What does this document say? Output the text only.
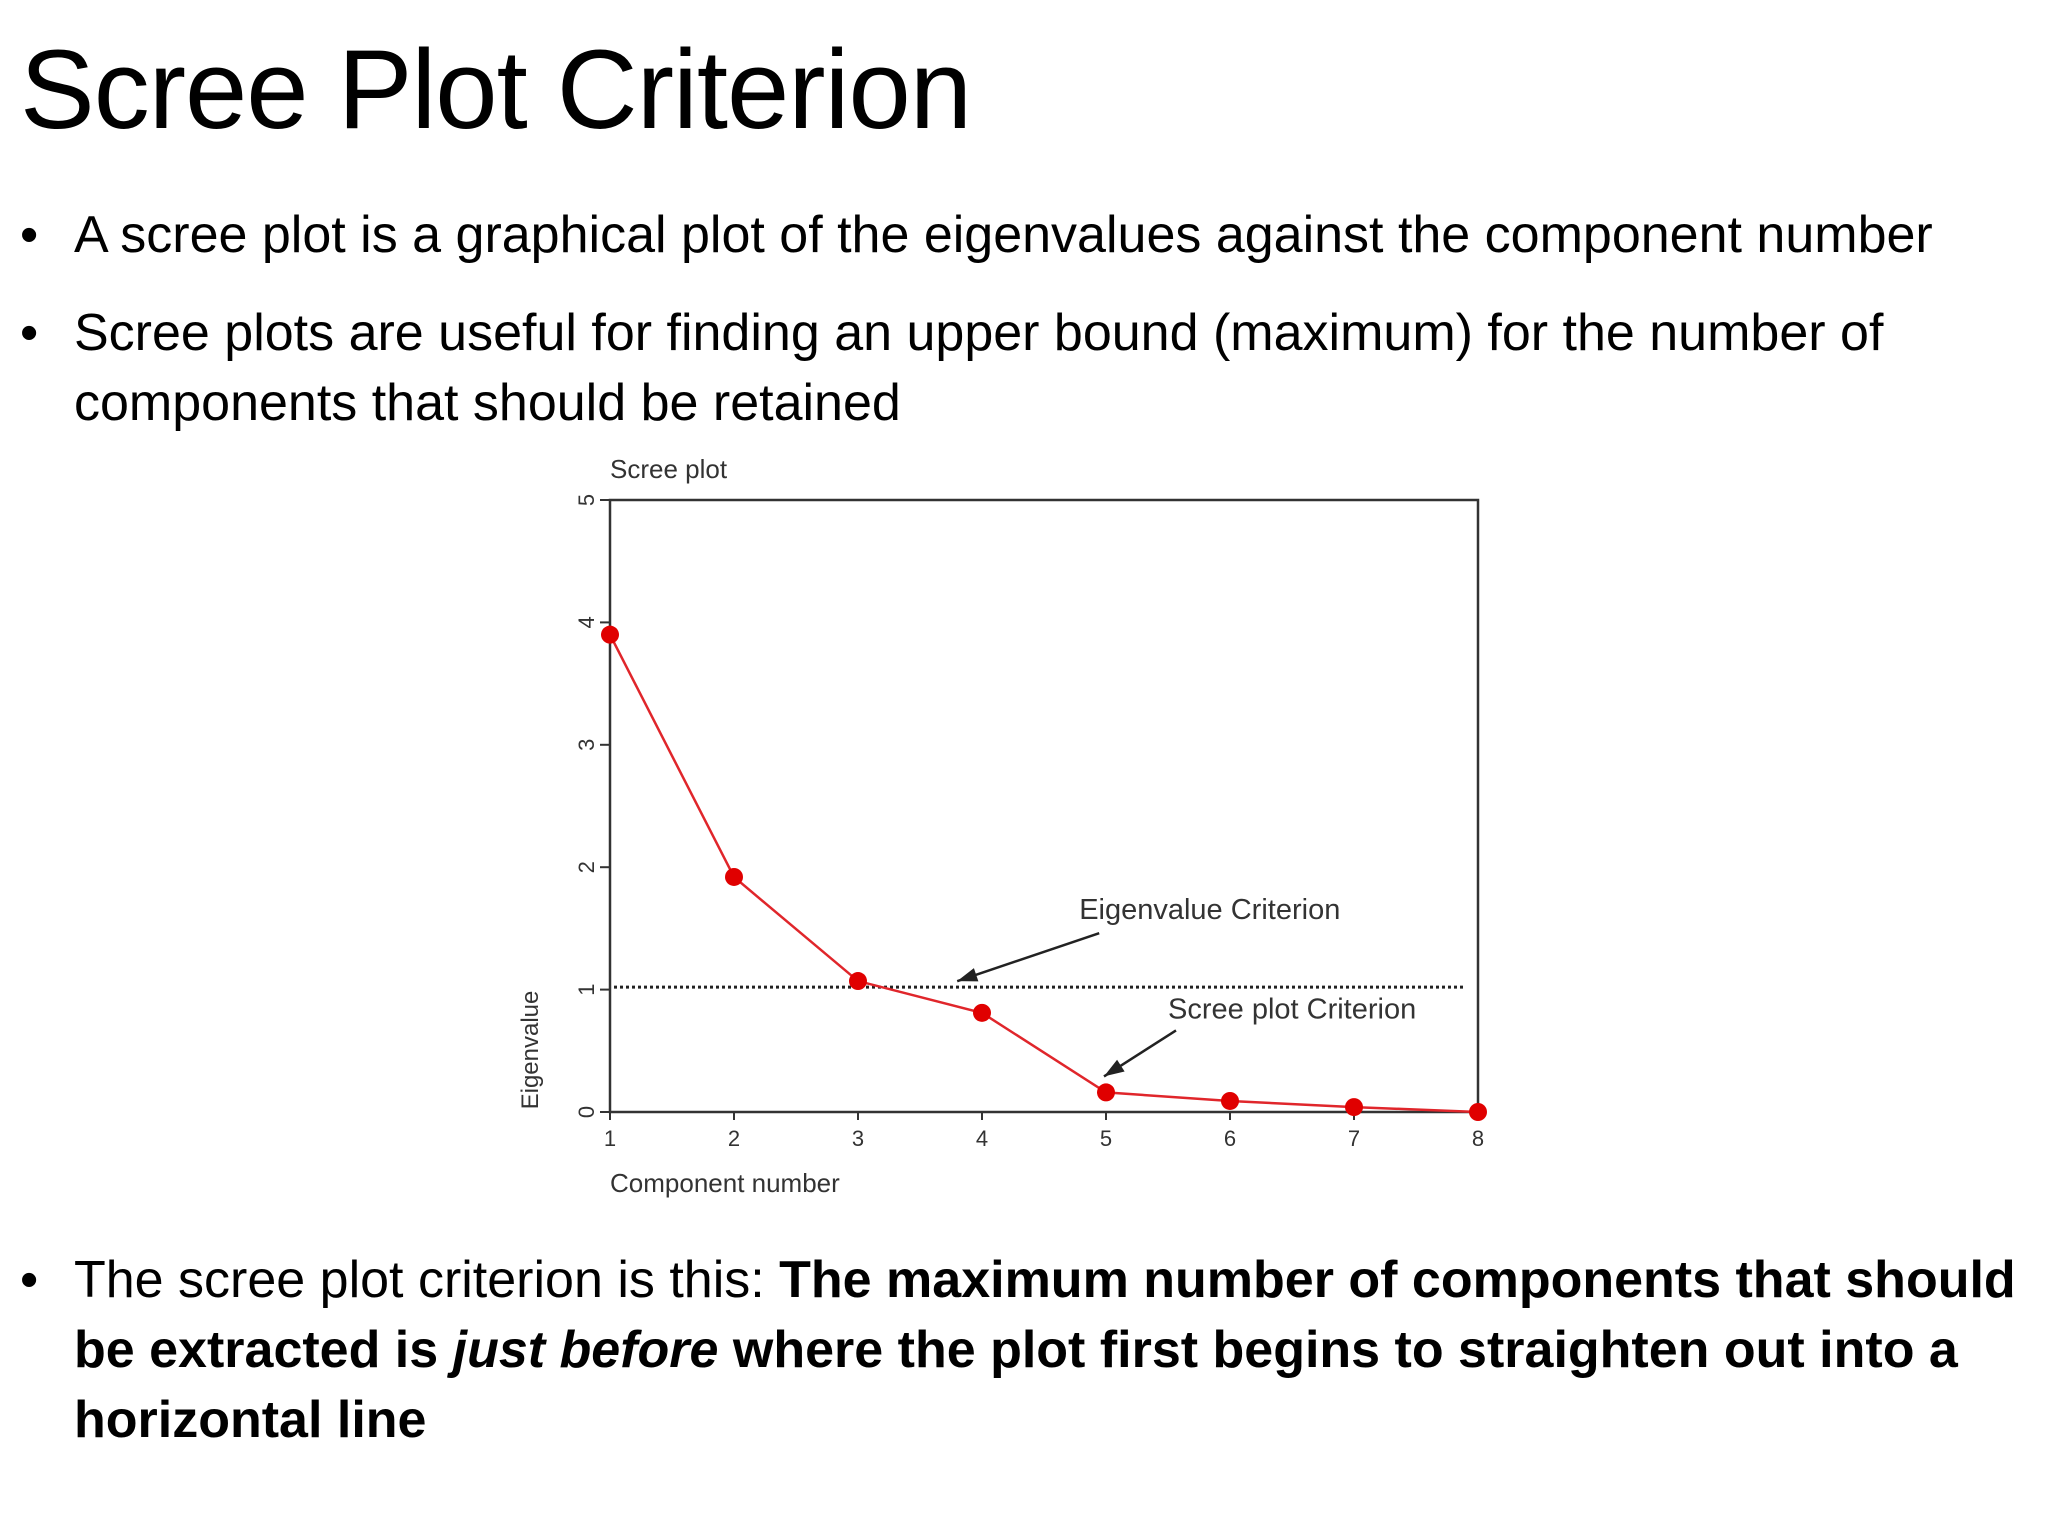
Scree Plot Criterion
• A scree plot is a graphical plot of the eigenvalues against the component number
• Scree plots are useful for finding an upper bound (maximum) for the number of components that should be retained
Scree plot
0
1
2
3
4
5
1	2	3	4	5	6	7	8
Eigenvalue Criterion
Scree plot Criterion
Component number
Eigenvalue
• The scree plot criterion is this: The maximum number of components that should be extracted is just before where the plot first begins to straighten out into a horizontal line
